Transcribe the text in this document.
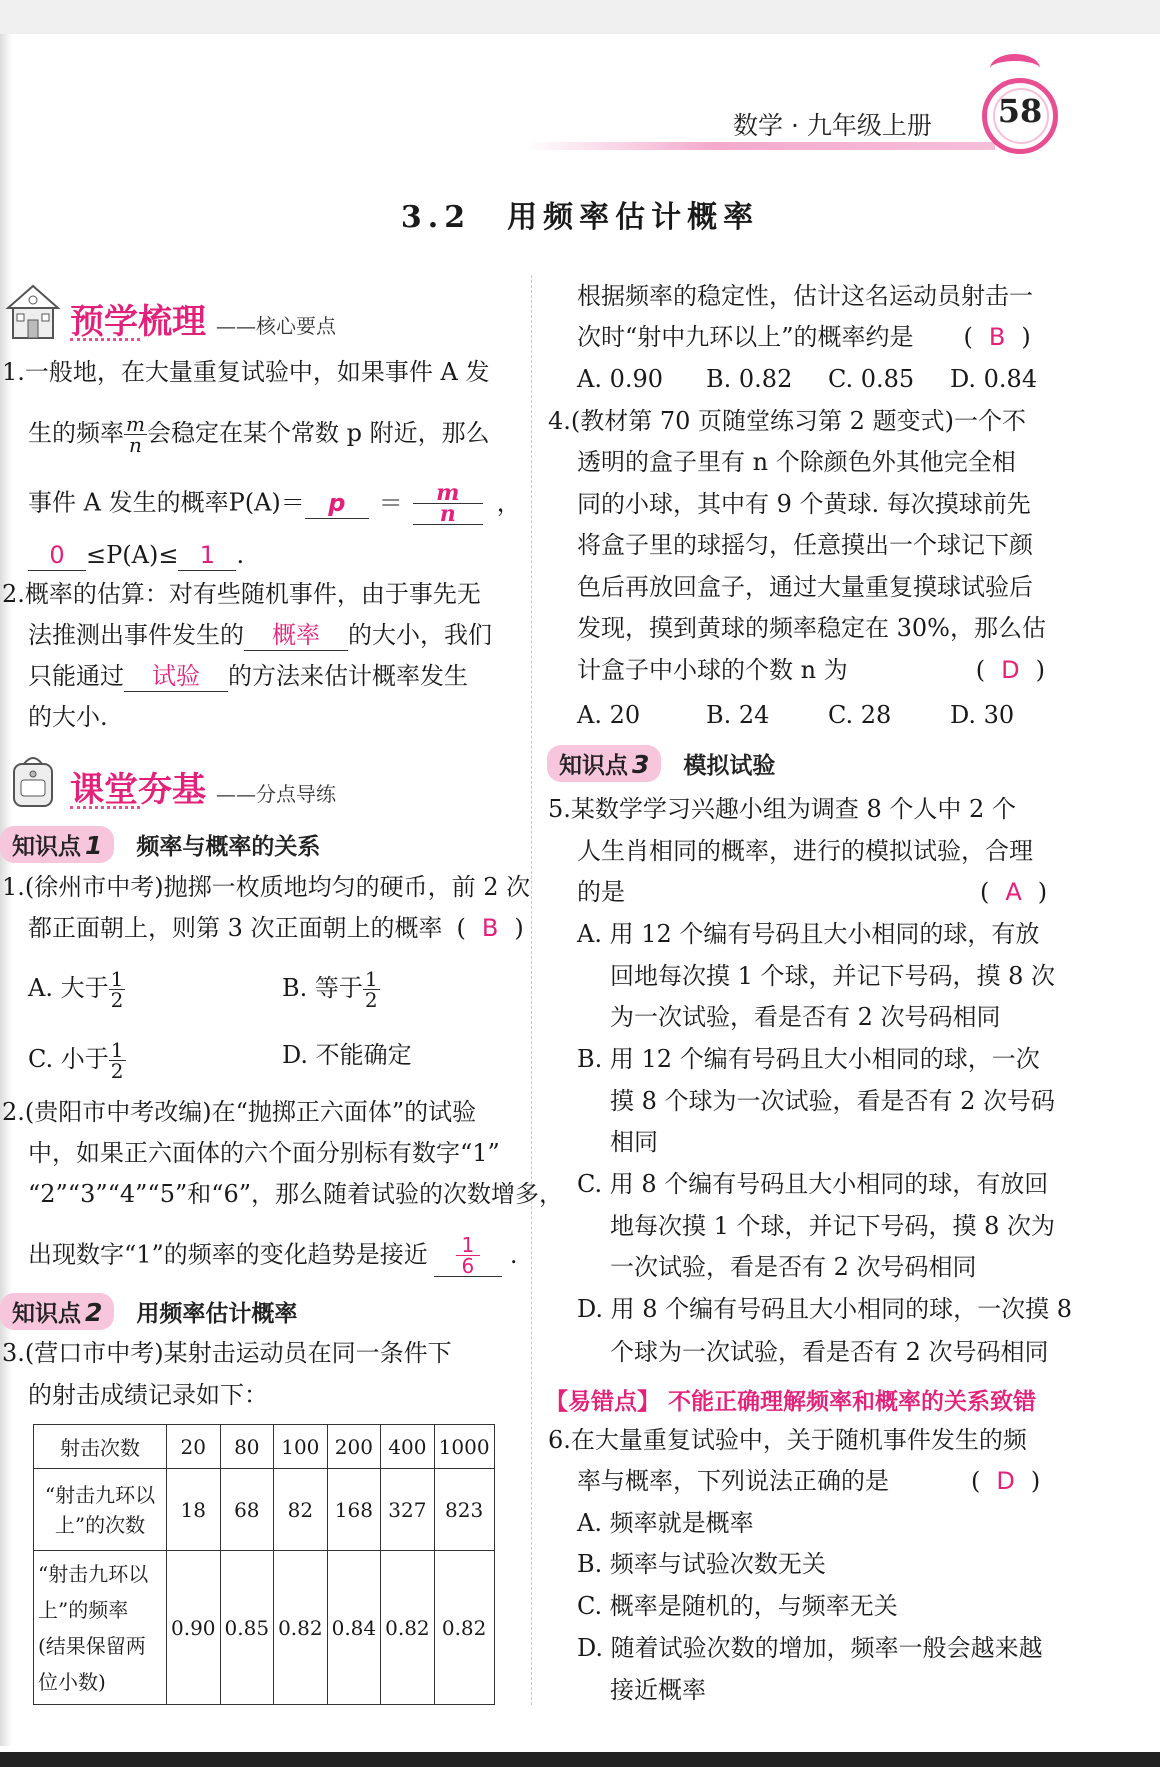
数学 · 九年级上册	58
3.2　用频率估计概率
预学梳理 ——核心要点
1.一般地，在大量重复试验中，如果事件 A 发
生的频率 $\frac{m}{n}$ 会稳定在某个常数 p 附近，那么
事件 A 发生的概率$P(A)= p = \frac{m}{n}$ ，
0 ≤P(A)≤ 1 .
2.概率的估算：对有些随机事件，由于事先无
法推测出事件发生的 概率 的大小，我们
只能通过 试验 的方法来估计概率发生
的大小.
课堂夯基 ——分点导练
知识点 1	频率与概率的关系
1.(徐州市中考)抛掷一枚质地均匀的硬币，前 2 次
都正面朝上，则第 3 次正面朝上的概率 ( B )
A. 大于 $\frac{1}{2}$	B. 等于 $\frac{1}{2}$
C. 小于 $\frac{1}{2}$	D. 不能确定
2.(贵阳市中考改编)在“抛掷正六面体”的试验
中，如果正六面体的六个面分别标有数字“1”
“2”“3”“4”“5”和“6”，那么随着试验的次数增多，
出现数字“1”的频率的变化趋势是接近 $\frac{1}{6}$ .
知识点 2	用频率估计概率
3.(营口市中考)某射击运动员在同一条件下
的射击成绩记录如下：
射击次数	20	80	100	200	400	1000
“射击九环以
上”的次数	18	68	82	168	327	823
“射击九环以
上”的频率
(结果保留两
位小数)	0.90	0.85	0.82	0.84	0.82	0.82
根据频率的稳定性，估计这名运动员射击一
次时“射中九环以上”的概率约是 ( B )
A. 0.90 B. 0.82 C. 0.85 D. 0.84
4.(教材第 70 页随堂练习第 2 题变式)一个不
透明的盒子里有 n 个除颜色外其他完全相
同的小球，其中有 9 个黄球. 每次摸球前先
将盒子里的球摇匀，任意摸出一个球记下颜
色后再放回盒子，通过大量重复摸球试验后
发现，摸到黄球的频率稳定在 30%，那么估
计盒子中小球的个数 n 为	( D )
A. 20	B. 24 C. 28 D. 30
知识点 3	模拟试验
5.某数学学习兴趣小组为调查 8 个人中 2 个
人生肖相同的概率，进行的模拟试验，合理
的是	( A )
A. 用 12 个编有号码且大小相同的球，有放
回地每次摸 1 个球，并记下号码，摸 8 次
为一次试验，看是否有 2 次号码相同
B. 用 12 个编有号码且大小相同的球，一次
摸 8 个球为一次试验，看是否有 2 次号码
相同
C. 用 8 个编有号码且大小相同的球，有放回
地每次摸 1 个球，并记下号码，摸 8 次为
一次试验，看是否有 2 次号码相同
D. 用 8 个编有号码且大小相同的球，一次摸 8
个球为一次试验，看是否有 2 次号码相同
【易错点】 不能正确理解频率和概率的关系致错
6.在大量重复试验中，关于随机事件发生的频
率与概率，下列说法正确的是	( D )
A. 频率就是概率
B. 频率与试验次数无关
C. 概率是随机的，与频率无关
D. 随着试验次数的增加，频率一般会越来越
接近概率
